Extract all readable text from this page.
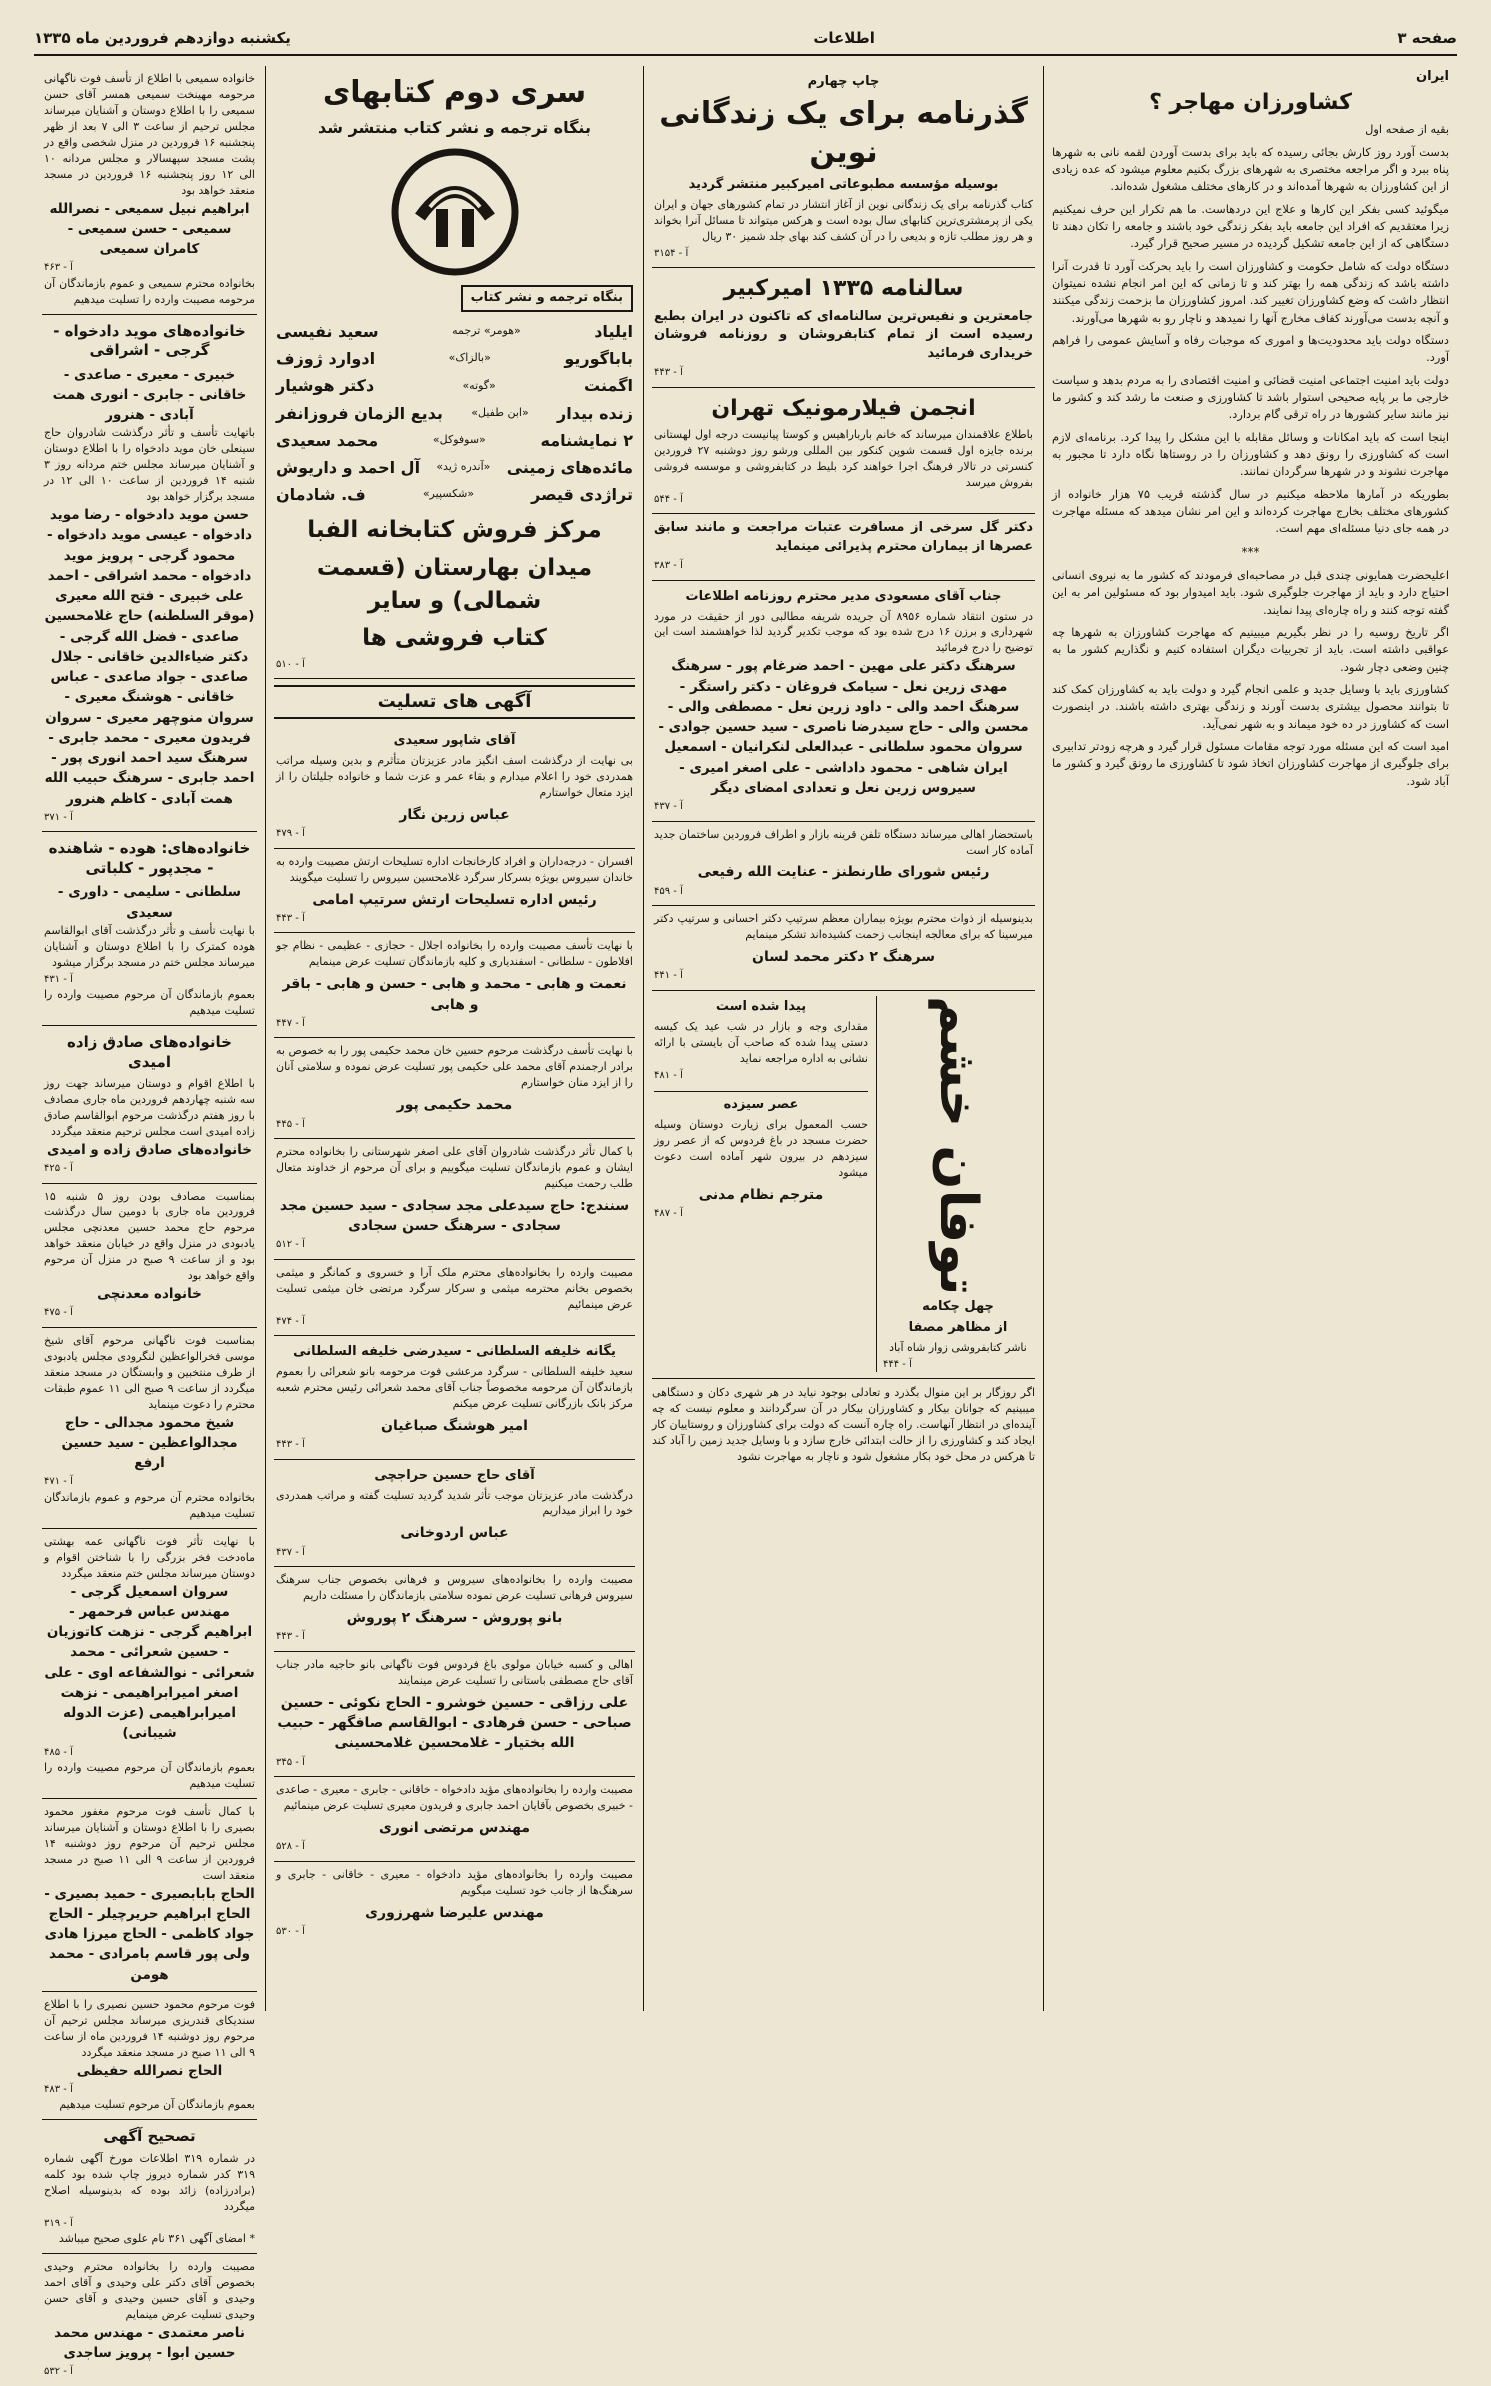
صفحه ۳
اطلاعات
یکشنبه دوازدهم فروردین ماه ۱۳۳۵
ایران
کشاورزان مهاجر ؟
بقیه از صفحه اول
بدست آورد روز کارش بجائی رسیده که باید برای بدست آوردن لقمه نانی به شهرها پناه ببرد و اگر مراجعه مختصری به شهرهای بزرگ بکنیم معلوم میشود که عده زیادی از این کشاورزان به شهرها آمده‌اند و در کارهای مختلف مشغول شده‌اند.
میگوئید کسی بفکر این کارها و علاج این دردهاست. ما هم تکرار این حرف نمیکنیم زیرا معتقدیم که افراد این جامعه باید بفکر زندگی خود باشند و جامعه را تکان دهند تا دستگاهی که از این جامعه تشکیل گردیده در مسیر صحیح قرار گیرد.
دستگاه دولت که شامل حکومت و کشاورزان است را باید بحرکت آورد تا قدرت آنرا داشته باشد که زندگی همه را بهتر کند و تا زمانی که این امر انجام نشده نمیتوان انتظار داشت که وضع کشاورزان تغییر کند. امروز کشاورزان ما بزحمت زندگی میکنند و آنچه بدست می‌آورند کفاف مخارج آنها را نمیدهد و ناچار رو به شهرها می‌آورند.
دستگاه دولت باید محدودیت‌ها و اموری که موجبات رفاه و آسایش عمومی را فراهم آورد.
دولت باید امنیت اجتماعی امنیت قضائی و امنیت اقتصادی را به مردم بدهد و سیاست خارجی ما بر پایه صحیحی استوار باشد تا کشاورزی و صنعت ما رشد کند و کشور ما نیز مانند سایر کشورها در راه ترقی گام بردارد.
اینجا است که باید امکانات و وسائل مقابله با این مشکل را پیدا کرد. برنامه‌ای لازم است که کشاورزی را رونق دهد و کشاورزان را در روستاها نگاه دارد تا مجبور به مهاجرت نشوند و در شهرها سرگردان نمانند.
بطوریکه در آمارها ملاحظه میکنیم در سال گذشته قریب ۷۵ هزار خانواده از کشورهای مختلف بخارج مهاجرت کرده‌اند و این امر نشان میدهد که مسئله مهاجرت در همه جای دنیا مسئله‌ای مهم است.
***
اعلیحضرت همایونی چندی قبل در مصاحبه‌ای فرمودند که کشور ما به نیروی انسانی احتیاج دارد و باید از مهاجرت جلوگیری شود. باید امیدوار بود که مسئولین امر به این گفته توجه کنند و راه چاره‌ای پیدا نمایند.
اگر تاریخ روسیه را در نظر بگیریم میبینیم که مهاجرت کشاورزان به شهرها چه عواقبی داشته است. باید از تجربیات دیگران استفاده کنیم و نگذاریم کشور ما به چنین وضعی دچار شود.
کشاورزی باید با وسایل جدید و علمی انجام گیرد و دولت باید به کشاورزان کمک کند تا بتوانند محصول بیشتری بدست آورند و زندگی بهتری داشته باشند. در اینصورت است که کشاورز در ده خود میماند و به شهر نمی‌آید.
امید است که این مسئله مورد توجه مقامات مسئول قرار گیرد و هرچه زودتر تدابیری برای جلوگیری از مهاجرت کشاورزان اتخاذ شود تا کشاورزی ما رونق گیرد و کشور ما آباد شود.
چاپ چهارم
گذرنامه برای یک زندگانی نوین
بوسیله مؤسسه مطبوعاتی امیرکبیر منتشر گردید
کتاب گذرنامه برای یک زندگانی نوین از آغاز انتشار در تمام کشورهای جهان و ایران یکی از پرمشتری‌ترین کتابهای سال بوده است و هرکس میتواند تا مسائل آنرا بخواند و هر روز مطلب تازه و بدیعی را در آن کشف کند بهای جلد شمیز ۳۰ ریال
آ - ۳۱۵۴
سالنامه ۱۳۳۵ امیرکبیر
جامعترین و نفیس‌ترین سالنامه‌ای که تاکنون در ایران بطبع رسیده است از تمام کتابفروشان و روزنامه فروشان خریداری فرمائید
آ - ۴۴۳
انجمن فیلارمونیک تهران
باطلاع علاقمندان میرساند که خانم بارباراهیس و کوستا پیانیست درجه اول لهستانی برنده جایزه اول قسمت شوپن کنکور بین المللی ورشو روز دوشنبه ۲۷ فروردین کنسرتی در تالار فرهنگ اجرا خواهند کرد بلیط در کتابفروشی و موسسه فروشی بفروش میرسد
آ - ۵۴۴
دکتر گل سرخی از مسافرت عتبات مراجعت و مانند سابق عصرها از بیماران محترم پذیرائی مینماید
آ - ۳۸۳
جناب آقای مسعودی مدیر محترم روزنامه اطلاعات
در ستون انتقاد شماره ۸۹۵۶ آن جریده شریفه مطالبی دور از حقیقت در مورد شهرداری و برزن ۱۶ درج شده بود که موجب تکدیر گردید لذا خواهشمند است این توضیح را درج فرمائید
سرهنگ دکتر علی مهین - احمد ضرغام پور - سرهنگ مهدی زرین نعل - سیامک فروغان - دکتر راستگر - سرهنگ احمد والی - داود زرین نعل - مصطفی والی - محسن والی - حاج سیدرضا ناصری - سید حسین جوادی - سروان محمود سلطانی - عبدالعلی لنکرانیان - اسمعیل ایران شاهی - محمود داداشی - علی اصغر امیری - سیروس زرین نعل و تعدادی امضای دیگر
آ - ۴۳۷
باستحضار اهالی میرساند دستگاه تلفن قرینه بازار و اطراف فروردین ساختمان جدید آماده کار است
رئیس شورای طارنطنز - عنایت الله رفیعی
آ - ۴۵۹
بدینوسیله از ذوات محترم بویژه بیماران معظم سرتیپ دکتر احسانی و سرتیپ دکتر میرسینا که برای معالجه اینجانب زحمت کشیده‌اند تشکر مینمایم
سرهنگ ۲ دکتر محمد لسان
آ - ۴۴۱
توفان خشم
چهل چکامه
از مظاهر مصفا
ناشر کتابفروشی زوار شاه آباد
آ - ۴۴۴
پیدا شده است
مقداری وجه و بازار در شب عید یک کیسه دستی پیدا شده که صاحب آن بایستی با ارائه نشانی به اداره مراجعه نماید
آ - ۴۸۱
عصر سیزده
حسب المعمول برای زیارت دوستان وسیله حضرت مسجد در باغ فردوس که از عصر روز سیزدهم در بیرون شهر آماده است دعوت میشود
مترجم نظام مدنی
آ - ۴۸۷
اگر روزگار بر این منوال بگذرد و تعادلی بوجود نیاید در هر شهری دکان و دستگاهی میبینیم که جوانان بیکار و کشاورزان بیکار در آن سرگردانند و معلوم نیست که چه آینده‌ای در انتظار آنهاست. راه چاره آنست که دولت برای کشاورزان و روستاییان کار ایجاد کند و کشاورزی را از حالت ابتدائی خارج سازد و با وسایل جدید زمین را آباد کند تا هرکس در محل خود بکار مشغول شود و ناچار به مهاجرت نشود
سری دوم کتابهای
بنگاه ترجمه و نشر کتاب منتشر شد
بنگاه ترجمه و نشر کتاب
ایلیاد
«هومر» ترجمه
سعید نفیسی
باباگوریو
«بالزاک»
ادوارد ژوزف
اگمنت
«گوته»
دکتر هوشیار
زنده بیدار
«ابن طفیل»
بدیع الزمان فروزانفر
۲ نمایشنامه
«سوفوکل»
محمد سعیدی
مائده‌های زمینی
«آندره ژید»
آل احمد و داریوش
تراژدی قیصر
«شکسپیر»
ف. شادمان
مرکز فروش کتابخانه الفبا
میدان بهارستان (قسمت شمالی) و سایر
کتاب فروشی ها
آ - ۵۱۰
آگهی های تسلیت
آقای شاپور سعیدی
بی نهایت از درگذشت اسف انگیز مادر عزیزتان متأثرم و بدین وسیله مراتب همدردی خود را اعلام میدارم و بقاء عمر و عزت شما و خانواده جلیلتان را از ایزد متعال خواستارم
عباس زرین نگار
آ - ۴۷۹
افسران - درجه‌داران و افراد کارخانجات اداره تسلیحات ارتش مصیبت وارده به خاندان سیروس بویژه بسرکار سرگرد غلامحسین سیروس را تسلیت میگویند
رئیس اداره تسلیحات ارتش سرتیپ امامی
آ - ۴۴۳
با نهایت تأسف مصیبت وارده را بخانواده اجلال - حجازی - عظیمی - نظام جو افلاطون - سلطانی - اسفندیاری و کلیه بازماندگان تسلیت عرض مینمایم
نعمت و هابی - محمد و هابی - حسن و هابی - باقر و هابی
آ - ۴۴۷
با نهایت تأسف درگذشت مرحوم حسین خان محمد حکیمی پور را به خصوص به برادر ارجمندم آقای محمد علی حکیمی پور تسلیت عرض نموده و سلامتی آنان را از ایزد منان خواستارم
محمد حکیمی پور
آ - ۴۴۵
با کمال تأثر درگذشت شادروان آقای علی اصغر شهرستانی را بخانواده محترم ایشان و عموم بازماندگان تسلیت میگوییم و برای آن مرحوم از خداوند متعال طلب رحمت میکنیم
سنندج: حاج سیدعلی مجد سجادی - سید حسین مجد سجادی - سرهنگ حسن سجادی
آ - ۵۱۲
مصیبت وارده را بخانواده‌های محترم ملک آرا و خسروی و کمانگر و میثمی بخصوص بخانم محترمه میثمی و سرکار سرگرد مرتضی خان میثمی تسلیت عرض مینمائیم
آ - ۴۷۴
یگانه خلیفه السلطانی - سیدرضی خلیفه السلطانی
سعید خلیفه السلطانی - سرگرد مرعشی فوت مرحومه بانو شعرائی را بعموم بازماندگان آن مرحومه مخصوصاً جناب آقای محمد شعرائی رئیس محترم شعبه مرکز بانک بازرگانی تسلیت عرض میکنم
امیر هوشنگ صباغیان
آ - ۴۴۳
آقای حاج حسین حراجچی
درگذشت مادر عزیزتان موجب تأثر شدید گردید تسلیت گفته و مراتب همدردی خود را ابراز میداریم
عباس اردوخانی
آ - ۴۳۷
مصیبت وارده را بخانواده‌های سیروس و فرهانی بخصوص جناب سرهنگ سیروس فرهانی تسلیت عرض نموده سلامتی بازماندگان را مسئلت داریم
بانو پوروش - سرهنگ ۲ پوروش
آ - ۴۴۳
اهالی و کسبه خیابان مولوی باغ فردوس فوت ناگهانی بانو حاجیه مادر جناب آقای حاج مصطفی باستانی را تسلیت عرض مینمایند
علی رزاقی - حسین خوشرو - الحاج نکوئی - حسین صباحی - حسن فرهادی - ابوالقاسم صافگهر - حبیب الله بختیار - غلامحسین غلامحسینی
آ - ۳۴۵
مصیبت وارده را بخانواده‌های مؤید دادخواه - خاقانی - جابری - معیری - صاعدی - خبیری بخصوص بآقایان احمد جابری و فریدون معیری تسلیت عرض مینمائیم
مهندس مرتضی انوری
آ - ۵۲۸
مصیبت وارده را بخانواده‌های مؤید دادخواه - معیری - خاقانی - جابری و سرهنگ‌ها از جانب خود تسلیت میگویم
مهندس علیرضا شهرزوری
آ - ۵۳۰
خانواده سمیعی با اطلاع از تأسف فوت ناگهانی مرحومه مهینخت سمیعی همسر آقای حسن سمیعی را با اطلاع دوستان و آشنایان میرساند مجلس ترحیم از ساعت ۳ الی ۷ بعد از ظهر پنجشنبه ۱۶ فروردین در منزل شخصی واقع در پشت مسجد سپهسالار و مجلس مردانه ۱۰ الی ۱۲ روز پنجشنبه ۱۶ فروردین در مسجد منعقد خواهد بود
ابراهیم نبیل سمیعی - نصرالله سمیعی - حسن سمیعی - کامران سمیعی
آ - ۴۶۳
بخانواده محترم سمیعی و عموم بازماندگان آن مرحومه مصیبت وارده را تسلیت میدهیم
خانواده‌های موید دادخواه - گرجی - اشراقی
خبیری - معیری - صاعدی - خاقانی - جابری - انوری همت آبادی - هنرور
باتهایت تأسف و تأثر درگذشت شادروان حاج سینعلی خان موید دادخواه را با اطلاع دوستان و آشنایان میرساند مجلس ختم مردانه روز ۳ شنبه ۱۴ فروردین از ساعت ۱۰ الی ۱۲ در مسجد برگزار خواهد بود
حسن موید دادخواه - رضا موید دادخواه - عیسی موید دادخواه - محمود گرجی - پرویز موید دادخواه - محمد اشراقی - احمد علی خبیری - فتح الله معیری (موقر السلطنه) حاج غلامحسین صاعدی - فضل الله گرجی - دکتر ضیاءالدین خاقانی - جلال صاعدی - جواد صاعدی - عباس خاقانی - هوشنگ معیری - سروان منوچهر معیری - سروان فریدون معیری - محمد جابری - سرهنگ سید احمد انوری پور - احمد جابری - سرهنگ حبیب الله همت آبادی - کاظم هنرور
آ - ۳۷۱
خانواده‌های: هوده - شاهنده - مجدپور - کلباتی
سلطانی - سلیمی - داوری - سعیدی
با نهایت تأسف و تأثر درگذشت آقای ابوالقاسم هوده کمترک را با اطلاع دوستان و آشنایان میرساند مجلس ختم در مسجد برگزار میشود
آ - ۴۳۱
بعموم بازماندگان آن مرحوم مصیبت وارده را تسلیت میدهیم
خانواده‌های صادق زاده امیدی
با اطلاع اقوام و دوستان میرساند جهت روز سه شنبه چهاردهم فروردین ماه جاری مصادف با روز هفتم درگذشت مرحوم ابوالقاسم صادق زاده امیدی است مجلس ترحیم منعقد میگردد
خانواده‌های صادق زاده و امیدی
آ - ۴۲۵
بمناسبت مصادف بودن روز ۵ شنبه ۱۵ فروردین ماه جاری با دومین سال درگذشت مرحوم حاج محمد حسین معدنچی مجلس یادبودی در منزل واقع در خیابان منعقد خواهد بود و از ساعت ۹ صبح در منزل آن مرحوم واقع خواهد بود
خانواده معدنچی
آ - ۴۷۵
بمناسبت فوت ناگهانی مرحوم آقای شیخ موسی فخرالواعظین لنگرودی مجلس یادبودی از طرف منتخبین و وابستگان در مسجد منعقد میگردد از ساعت ۹ صبح الی ۱۱ عموم طبقات محترم را دعوت مینماید
شیخ محمود مجدالی - حاج مجدالواعظین - سید حسین ارفع
آ - ۴۷۱
بخانواده محترم آن مرحوم و عموم بازماندگان تسلیت میدهیم
با نهایت تأثر فوت ناگهانی عمه بهشتی ماه‌دخت فخر بزرگی را با شناختن اقوام و دوستان میرساند مجلس ختم منعقد میگردد
سروان اسمعیل گرجی - مهندس عباس فرحمهر - ابراهیم گرجی - نزهت کاتوزیان - حسین شعرائی - محمد شعرائی - نوالشفاعه اوی - علی اصغر امیرابراهیمی - نزهت امیرابراهیمی (عزت الدوله شیبانی)
آ - ۴۸۵
بعموم بازماندگان آن مرحوم مصیبت وارده را تسلیت میدهیم
با کمال تأسف فوت مرحوم مغفور محمود بصیری را با اطلاع دوستان و آشنایان میرساند مجلس ترحیم آن مرحوم روز دوشنبه ۱۴ فروردین از ساعت ۹ الی ۱۱ صبح در مسجد منعقد است
الحاج بابابصیری - حمید بصیری - الحاج ابراهیم حریرچیلر - الحاج جواد کاظمی - الحاج میرزا هادی ولی پور قاسم بامرادی - محمد هومن
فوت مرحوم محمود حسین نصیری را با اطلاع سندیکای قندریزی میرساند مجلس ترحیم آن مرحوم روز دوشنبه ۱۴ فروردین ماه از ساعت ۹ الی ۱۱ صبح در مسجد منعقد میگردد
الحاج نصرالله حفیظی
آ - ۴۸۳
بعموم بازماندگان آن مرحوم تسلیت میدهیم
تصحیح آگهی
در شماره ۳۱۹ اطلاعات مورخ آگهی شماره ۳۱۹ کدر شماره دیروز چاپ شده بود کلمه (برادرزاده) زائد بوده که بدینوسیله اصلاح میگردد
آ - ۳۱۹
* امضای آگهی ۳۶۱ نام علوی صحیح میباشد
مصیبت وارده را بخانواده محترم وحیدی بخصوص آقای دکتر علی وحیدی و آقای احمد وحیدی و آقای حسین وحیدی و آقای حسن وحیدی تسلیت عرض مینمایم
ناصر معتمدی - مهندس محمد حسین ابوا - پرویز ساجدی
آ - ۵۳۲
